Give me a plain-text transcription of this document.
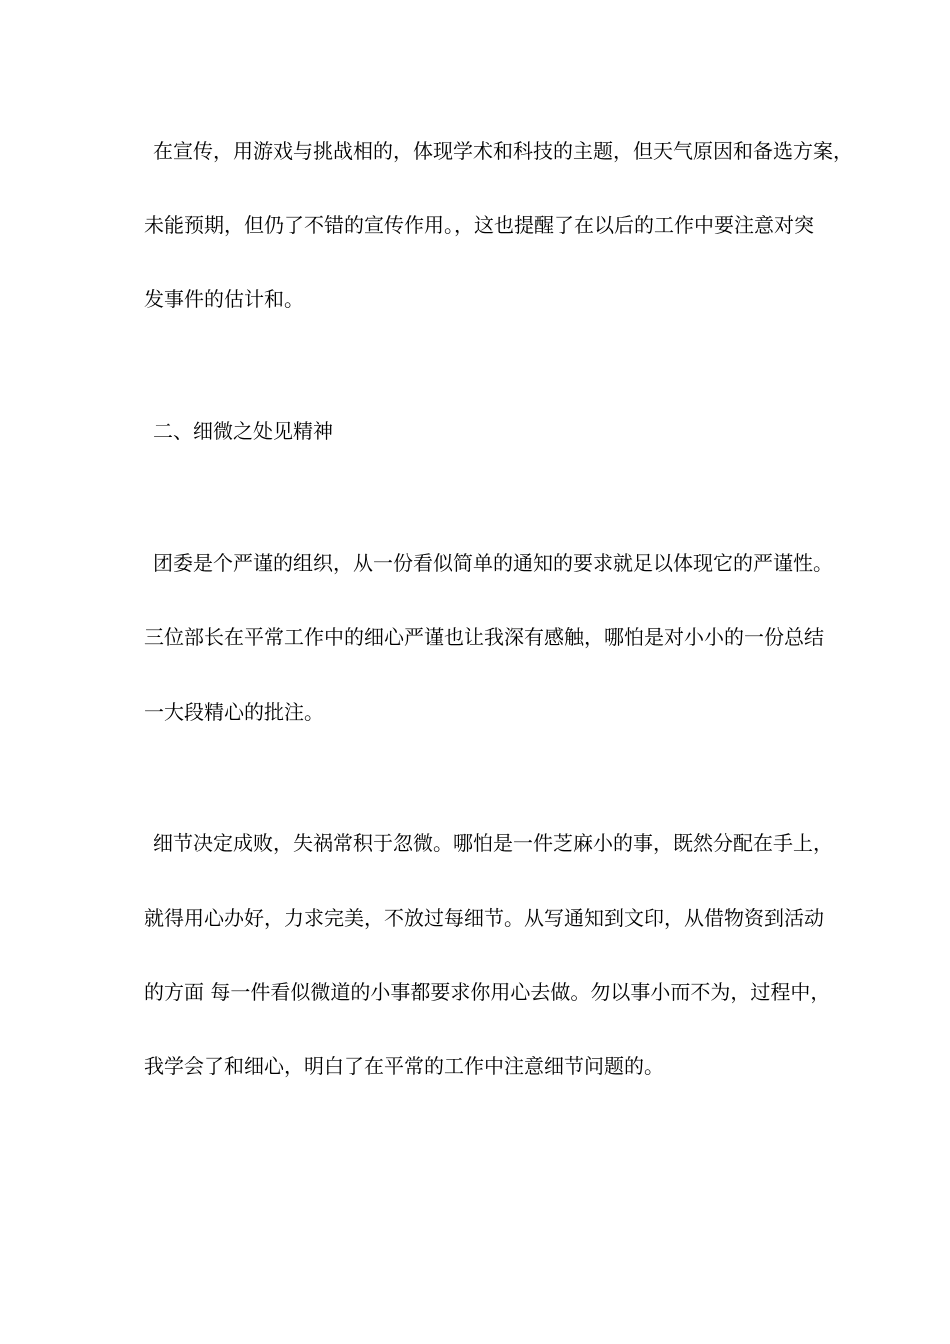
在宣传，用游戏与挑战相的，体现学术和科技的主题，但天气原因和备选方案，
未能预期，但仍了不错的宣传作用。，这也提醒了在以后的工作中要注意对突
发事件的估计和。
二、细微之处见精神
团委是个严谨的组织，从一份看似简单的通知的要求就足以体现它的严谨性。
三位部长在平常工作中的细心严谨也让我深有感触，哪怕是对小小的一份总结
一大段精心的批注。
细节决定成败，失祸常积于忽微。哪怕是一件芝麻小的事，既然分配在手上，
就得用心办好，力求完美，不放过每细节。从写通知到文印，从借物资到活动
的方面 每一件看似微道的小事都要求你用心去做。勿以事小而不为，过程中，
我学会了和细心，明白了在平常的工作中注意细节问题的。
